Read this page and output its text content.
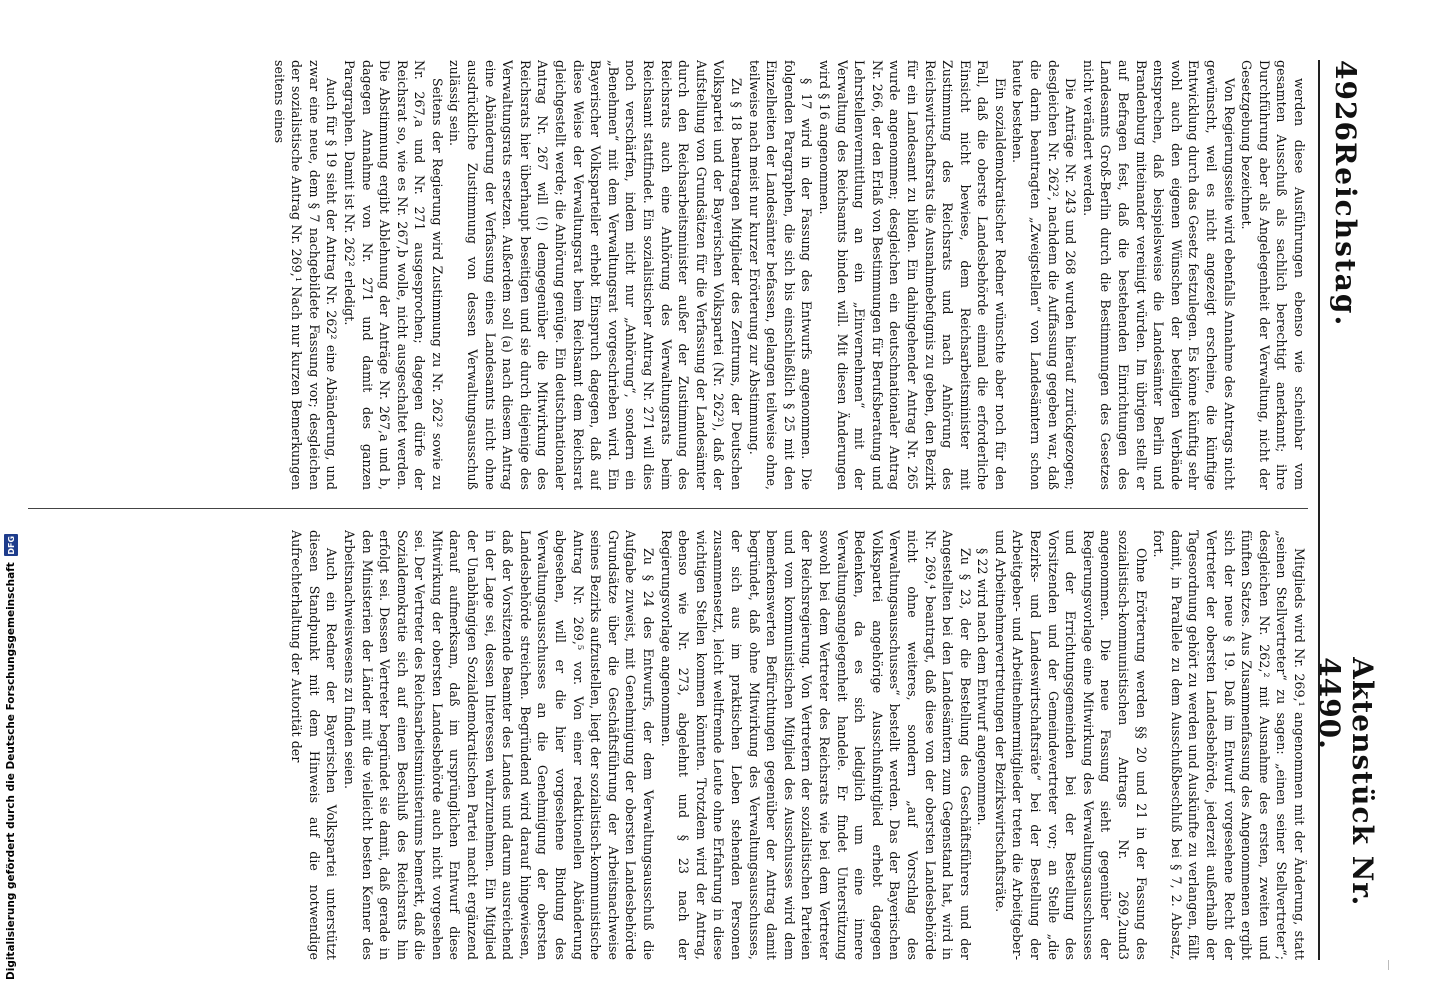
4926
Reichstag.
Aktenstück Nr. 4490.

werden diese Ausführungen ebenso wie scheinbar vom gesamten Ausschuß als sachlich berechtigt anerkannt; ihre Durchführung aber als Angelegenheit der Verwaltung, nicht der Gesetzgebung bezeichnet.

Von Regierungsseite wird ebenfalls Annahme des Antrags nicht gewünscht, weil es nicht angezeigt erscheine, die künftige Entwicklung durch das Gesetz festzulegen. Es könne künftig sehr wohl auch den eigenen Wünschen der beteiligten Verbände entsprechen, daß beispielsweise die Landesämter Berlin und Brandenburg miteinander vereinigt würden. Im übrigen stellt er auf Befragen fest, daß die bestehenden Einrichtungen des Landesamts Groß-Berlin durch die Bestimmungen des Gesetzes nicht verändert werden.

Die Anträge Nr. 243 und 268 wurden hierauf zurückgezogen; desgleichen Nr. 262², nachdem die Auffassung gegeben war, daß die darin beantragten „Zweigstellen“ von Landesämtern schon heute bestehen.

Ein sozialdemokratischer Redner wünschte aber noch für den Fall, daß die oberste Landesbehörde einmal die erforderliche Einsicht nicht bewiese, dem Reichsarbeitsminister mit Zustimmung des Reichsrats und nach Anhörung des Reichswirtschaftsrats die Ausnahmebefugnis zu geben, den Bezirk für ein Landesamt zu bilden. Ein dahingehender Antrag Nr. 265 wurde angenommen; desgleichen ein deutschnationaler Antrag Nr. 266, der den Erlaß von Bestimmungen für Berufsberatung und Lehrstellenvermittlung an ein „Einvernehmen“ mit der Verwaltung des Reichsamts binden will. Mit diesen Änderungen wird § 16 angenommen.

§ 17 wird in der Fassung des Entwurfs angenommen. Die folgenden Paragraphen, die sich bis einschließlich § 25 mit den Einzelheiten der Landesämter befassen, gelangen teilweise ohne, teilweise nach meist nur kurzer Erörterung zur Abstimmung.

Zu § 18 beantragen Mitglieder des Zentrums, der Deutschen Volkspartei und der Bayerischen Volkspartei (Nr. 262²), daß der Aufstellung von Grundsätzen für die Verfassung der Landesämter durch den Reichsarbeitsminister außer der Zustimmung des Reichsrats auch eine Anhörung des Verwaltungsrats beim Reichsamt stattfindet. Ein sozialistischer Antrag Nr. 271 will dies noch verschärfen, indem nicht nur „Anhörung“, sondern ein „Benehmen“ mit dem Verwaltungsrat vorgeschrieben wird. Ein Bayerischer Volksparteiler erhebt Einspruch dagegen, daß auf diese Weise der Verwaltungsrat beim Reichsamt dem Reichsrat gleichgestellt werde; die Anhörung genüge. Ein deutschnationaler Antrag Nr. 267 will (!) demgegenüber die Mitwirkung des Reichsrats hier überhaupt beseitigen und sie durch diejenige des Verwaltungsrats ersetzen. Außerdem soll (a) nach diesem Antrag eine Abänderung der Verfassung eines Landesamts nicht ohne ausdrückliche Zustimmung von dessen Verwaltungsausschuß zulässig sein.

Seitens der Regierung wird Zustimmung zu Nr. 262² sowie zu Nr. 267,a und Nr. 271 ausgesprochen; dagegen dürfe der Reichsrat so, wie es Nr. 267,b wolle, nicht ausgeschaltet werden. Die Abstimmung ergibt Ablehnung der Anträge Nr. 267,a und b, dagegen Annahme von Nr. 271 und damit des ganzen Paragraphen. Damit ist Nr. 262² erledigt.

Auch für § 19 sieht der Antrag Nr. 262² eine Abänderung, und zwar eine neue, dem § 7 nachgebildete Fassung vor; desgleichen der sozialistische Antrag Nr. 269,¹ Nach nur kurzen Bemerkungen seitens eines

Mitglieds wird Nr. 269,¹ angenommen mit der Änderung, statt „seinen Stellvertreter“ zu sagen: „einen seiner Stellvertreter“; desgleichen Nr. 262,² mit Ausnahme des ersten, zweiten und fünften Satzes. Aus Zusammenfassung des Angenommenen ergibt sich der neue § 19. Daß im Entwurf vorgesehene Recht der Vertreter der obersten Landesbehörde, jederzeit außerhalb der Tagesordnung gehört zu werden und Auskünfte zu verlangen, fällt damit, in Parallele zu dem Ausschußbeschluß bei § 7, 2. Absatz, fort.

Ohne Erörterung werden §§ 20 und 21 in der Fassung des sozialistisch-kommunistischen Antrags Nr. 269,2und3 angenommen. Die neue Fassung sieht gegenüber der Regierungsvorlage eine Mitwirkung des Verwaltungsausschusses und der Errichtungsgemeinden bei der Bestellung des Vorsitzenden und der Gemeindevertreter vor; an Stelle „die Bezirks- und Landeswirtschaftsräte“ bei der Bestellung der Arbeitgeber- und Arbeitnehmermitglieder treten die Arbeitgeber- und Arbeitnehmervertretungen der Bezirkswirtschaftsräte.

§ 22 wird nach dem Entwurf angenommen.

Zu § 23, der die Bestellung des Geschäftsführers und der Angestellten bei den Landesämtern zum Gegenstand hat, wird in Nr. 269,⁴ beantragt, daß diese von der obersten Landesbehörde nicht ohne weiteres, sondern „auf Vorschlag des Verwaltungsausschusses“ bestellt werden. Das der Bayerischen Volkspartei angehörige Ausschußmitglied erhebt dagegen Bedenken, da es sich lediglich um eine innere Verwaltungsangelegenheit handele. Er findet Unterstützung sowohl bei dem Vertreter des Reichsrats wie bei dem Vertreter der Reichsregierung. Von Vertretern der sozialistischen Parteien und vom kommunistischen Mitglied des Ausschusses wird dem bemerkenswerten Befürchtungen gegenüber der Antrag damit begründet, daß ohne Mitwirkung des Verwaltungsausschusses, der sich aus im praktischen Leben stehenden Personen zusammensetzt, leicht weltfremde Leute ohne Erfahrung in diese wichtigen Stellen kommen könnten. Trotzdem wird der Antrag, ebenso wie Nr. 273, abgelehnt und § 23 nach der Regierungsvorlage angenommen.

Zu § 24 des Entwurfs, der dem Verwaltungsausschuß die Aufgabe zuweist, mit Genehmigung der obersten Landesbehörde Grundsätze über die Geschäftsführung der Arbeitsnachweise seines Bezirks aufzustellen, liegt der sozialistisch-kommunistische Antrag Nr. 269,⁵ vor. Von einer redaktionellen Abänderung abgesehen, will er die hier vorgesehene Bindung des Verwaltungsausschusses an die Genehmigung der obersten Landesbehörde streichen. Begründend wird darauf hingewiesen, daß der Vorsitzende Beamter des Landes und darum ausreichend in der Lage sei, dessen Interessen wahrzunehmen. Ein Mitglied der Unabhängigen Sozialdemokratischen Partei macht ergänzend darauf aufmerksam, daß im ursprünglichen Entwurf diese Mitwirkung der obersten Landesbehörde auch nicht vorgesehen sei. Der Vertreter des Reichsarbeitsministeriums bemerkt, daß die Sozialdemokratie sich auf einen Beschluß des Reichsrats hin erfolgt sei. Dessen Vertreter begründet sie damit, daß gerade in den Ministerien der Länder mit die vielleicht besten Kenner des Arbeitsnachweiswesens zu finden seien.

Auch ein Redner der Bayerischen Volkspartei unterstützt diesen Standpunkt mit dem Hinweis auf die notwendige Aufrechterhaltung der Autorität der

Digitalisierung gefördert durch die Deutsche Forschungsgemeinschaft
DFG
